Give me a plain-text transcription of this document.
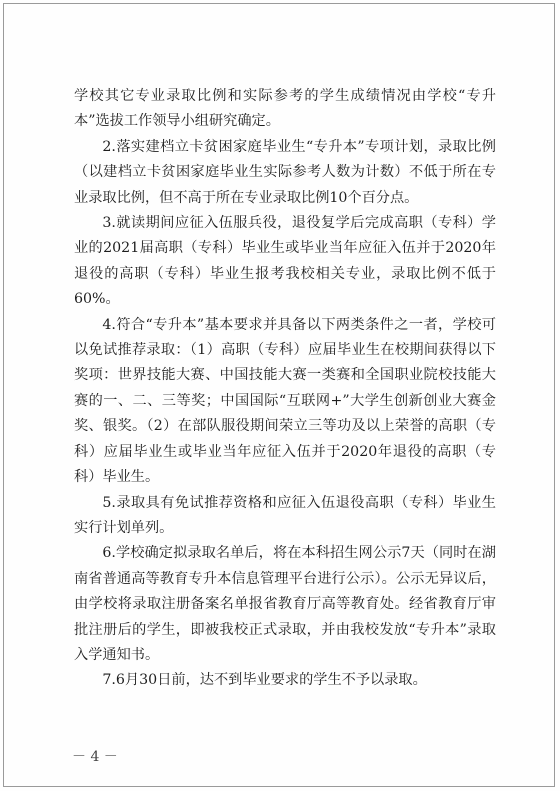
学校其它专业录取比例和实际参考的学生成绩情况由学校“专升本”选拔工作领导小组研究确定。

2.落实建档立卡贫困家庭毕业生“专升本”专项计划，录取比例（以建档立卡贫困家庭毕业生实际参考人数为计数）不低于所在专业录取比例，但不高于所在专业录取比例10个百分点。

3.就读期间应征入伍服兵役，退役复学后完成高职（专科）学业的2021届高职（专科）毕业生或毕业当年应征入伍并于2020年退役的高职（专科）毕业生报考我校相关专业，录取比例不低于60%。

4.符合“专升本”基本要求并具备以下两类条件之一者，学校可以免试推荐录取：（1）高职（专科）应届毕业生在校期间获得以下奖项：世界技能大赛、中国技能大赛一类赛和全国职业院校技能大赛的一、二、三等奖；中国国际“互联网+”大学生创新创业大赛金奖、银奖。（2）在部队服役期间荣立三等功及以上荣誉的高职（专科）应届毕业生或毕业当年应征入伍并于2020年退役的高职（专科）毕业生。

5.录取具有免试推荐资格和应征入伍退役高职（专科）毕业生实行计划单列。

6.学校确定拟录取名单后，将在本科招生网公示7天（同时在湖南省普通高等教育专升本信息管理平台进行公示）。公示无异议后，由学校将录取注册备案名单报省教育厅高等教育处。经省教育厅审批注册后的学生，即被我校正式录取，并由我校发放“专升本”录取入学通知书。

7.6月30日前，达不到毕业要求的学生不予以录取。

－ 4 －
